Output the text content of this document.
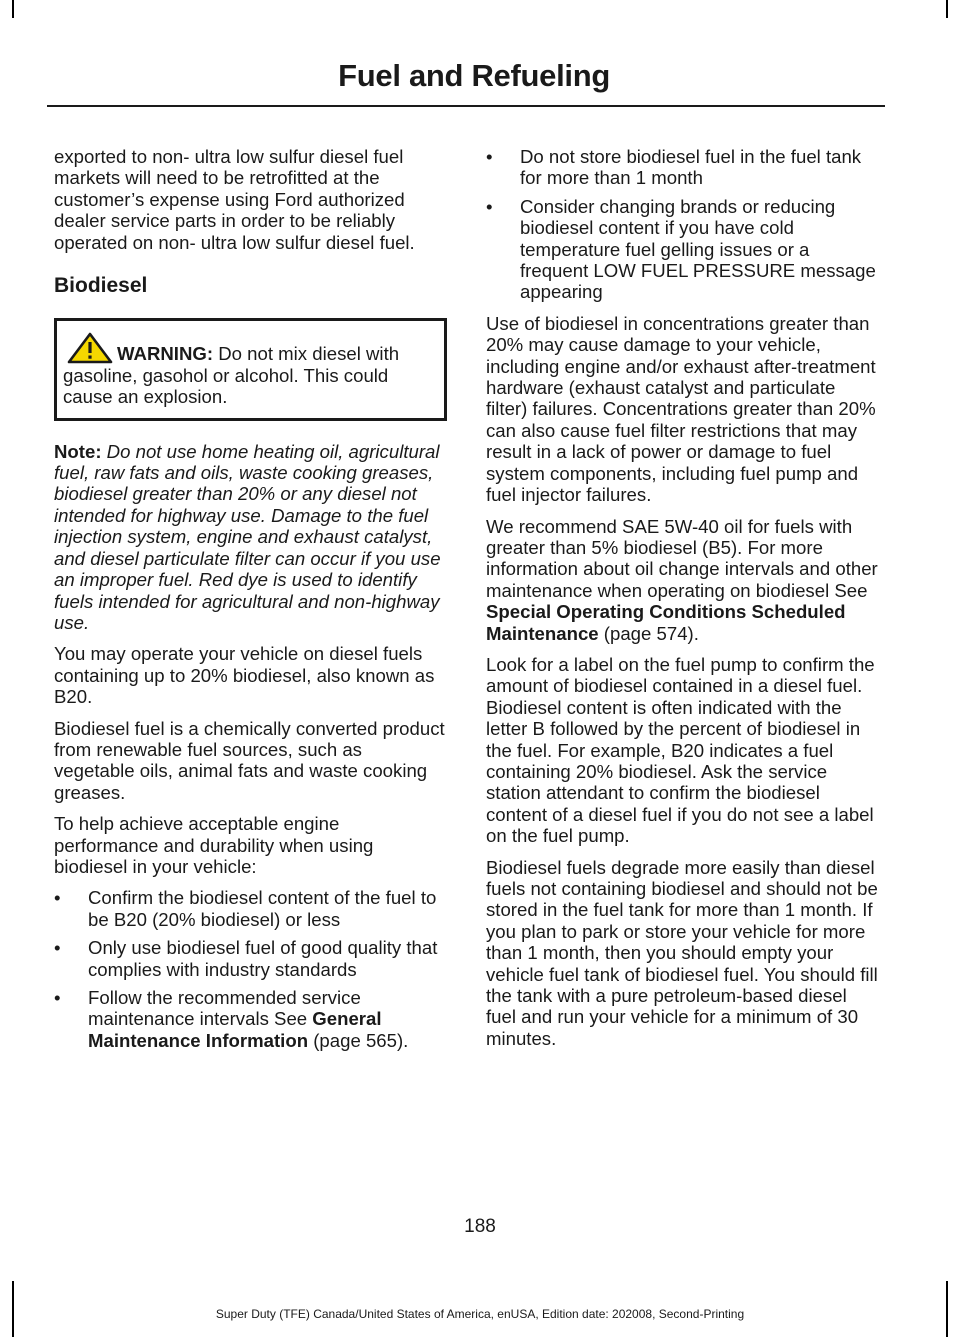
Fuel and Refueling

exported to non- ultra low sulfur diesel fuel markets will need to be retrofitted at the customer’s expense using Ford authorized dealer service parts in order to be reliably operated on non- ultra low sulfur diesel fuel.

Biodiesel
WARNING: Do not mix diesel with gasoline, gasohol or alcohol. This could cause an explosion.

Note: Do not use home heating oil, agricultural fuel, raw fats and oils, waste cooking greases, biodiesel greater than 20% or any diesel not intended for highway use. Damage to the fuel injection system, engine and exhaust catalyst, and diesel particulate filter can occur if you use an improper fuel. Red dye is used to identify fuels intended for agricultural and non-highway use.

You may operate your vehicle on diesel fuels containing up to 20% biodiesel, also known as B20.

Biodiesel fuel is a chemically converted product from renewable fuel sources, such as vegetable oils, animal fats and waste cooking greases.

To help achieve acceptable engine performance and durability when using biodiesel in your vehicle:

• Confirm the biodiesel content of the fuel to be B20 (20% biodiesel) or less
• Only use biodiesel fuel of good quality that complies with industry standards
• Follow the recommended service maintenance intervals See General Maintenance Information (page 565).
• Do not store biodiesel fuel in the fuel tank for more than 1 month
• Consider changing brands or reducing biodiesel content if you have cold temperature fuel gelling issues or a frequent LOW FUEL PRESSURE message appearing

Use of biodiesel in concentrations greater than 20% may cause damage to your vehicle, including engine and/or exhaust after-treatment hardware (exhaust catalyst and particulate filter) failures. Concentrations greater than 20% can also cause fuel filter restrictions that may result in a lack of power or damage to fuel system components, including fuel pump and fuel injector failures.

We recommend SAE 5W-40 oil for fuels with greater than 5% biodiesel (B5). For more information about oil change intervals and other maintenance when operating on biodiesel See Special Operating Conditions Scheduled Maintenance (page 574).

Look for a label on the fuel pump to confirm the amount of biodiesel contained in a diesel fuel. Biodiesel content is often indicated with the letter B followed by the percent of biodiesel in the fuel. For example, B20 indicates a fuel containing 20% biodiesel. Ask the service station attendant to confirm the biodiesel content of a diesel fuel if you do not see a label on the fuel pump.

Biodiesel fuels degrade more easily than diesel fuels not containing biodiesel and should not be stored in the fuel tank for more than 1 month. If you plan to park or store your vehicle for more than 1 month, then you should empty your vehicle fuel tank of biodiesel fuel. You should fill the tank with a pure petroleum-based diesel fuel and run your vehicle for a minimum of 30 minutes.

188
Super Duty (TFE) Canada/United States of America, enUSA, Edition date: 202008, Second-Printing
